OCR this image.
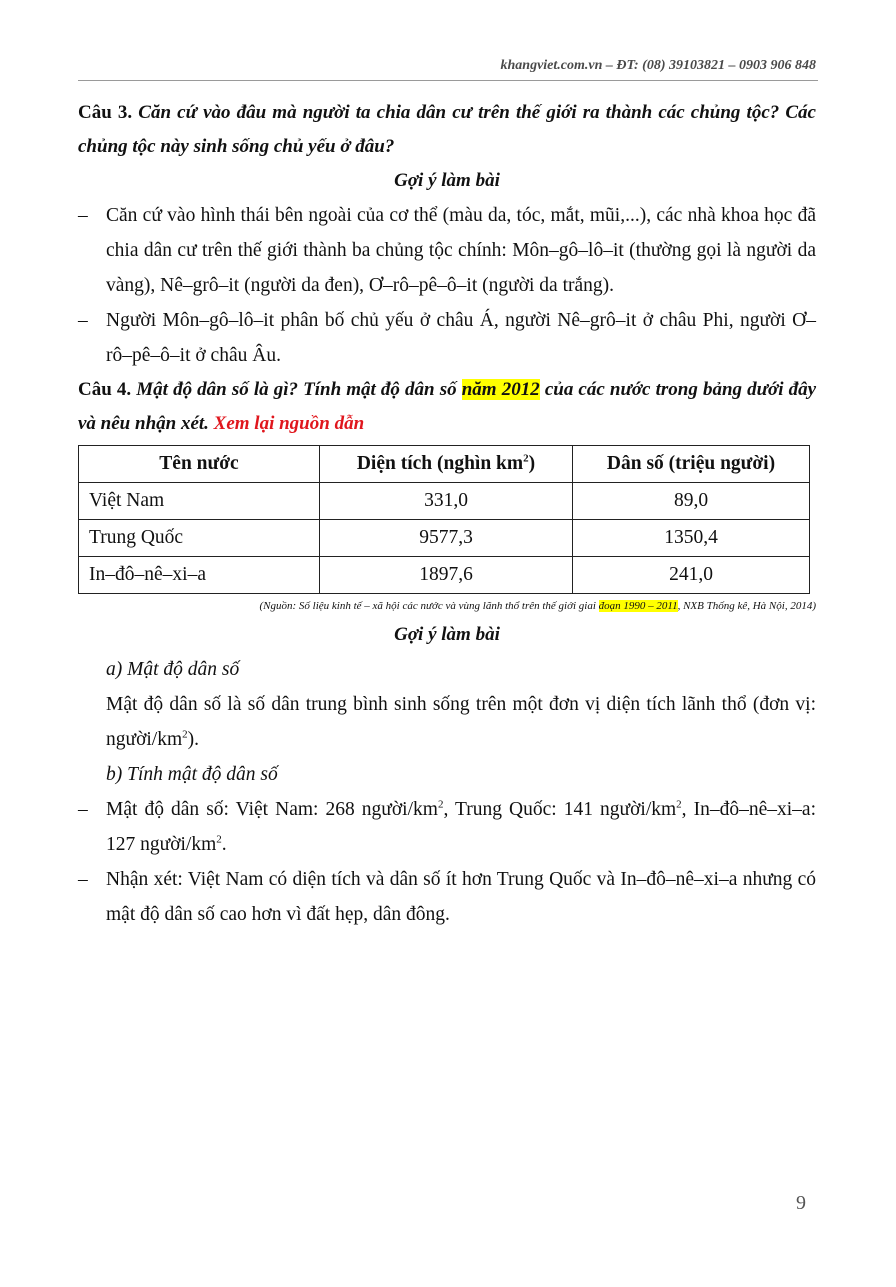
khangviet.com.vn – ĐT: (08) 39103821 – 0903 906 848

Câu 3. Căn cứ vào đâu mà người ta chia dân cư trên thế giới ra thành các chủng tộc? Các chủng tộc này sinh sống chủ yếu ở đâu?

Gợi ý làm bài

– Căn cứ vào hình thái bên ngoài của cơ thể (màu da, tóc, mắt, mũi,...), các nhà khoa học đã chia dân cư trên thế giới thành ba chủng tộc chính: Môn–gô–lô–it (thường gọi là người da vàng), Nê–grô–it (người da đen), Ơ–rô–pê–ô–it (người da trắng).

– Người Môn–gô–lô–it phân bố chủ yếu ở châu Á, người Nê–grô–it ở châu Phi, người Ơ–rô–pê–ô–it ở châu Âu.

Câu 4. Mật độ dân số là gì? Tính mật độ dân số năm 2012 của các nước trong bảng dưới đây và nêu nhận xét. Xem lại nguồn dẫn

Tên nước	Diện tích (nghìn $km^2$)	Dân số (triệu người)
Việt Nam	331,0	89,0
Trung Quốc	9577,3	1350,4
In–đô–nê–xi–a	1897,6	241,0

(Nguồn: Số liệu kinh tế – xã hội các nước và vùng lãnh thổ trên thế giới giai đoạn 1990 – 2011, NXB Thống kê, Hà Nội, 2014)

Gợi ý làm bài

a) Mật độ dân số

Mật độ dân số là số dân trung bình sinh sống trên một đơn vị diện tích lãnh thổ (đơn vị: người/$km^2$).

b) Tính mật độ dân số

– Mật độ dân số: Việt Nam: 268 người/$km^2$, Trung Quốc: 141 người/$km^2$, In–đô–nê–xi–a: 127 người/$km^2$.

– Nhận xét: Việt Nam có diện tích và dân số ít hơn Trung Quốc và In–đô–nê–xi–a nhưng có mật độ dân số cao hơn vì đất hẹp, dân đông.

9
